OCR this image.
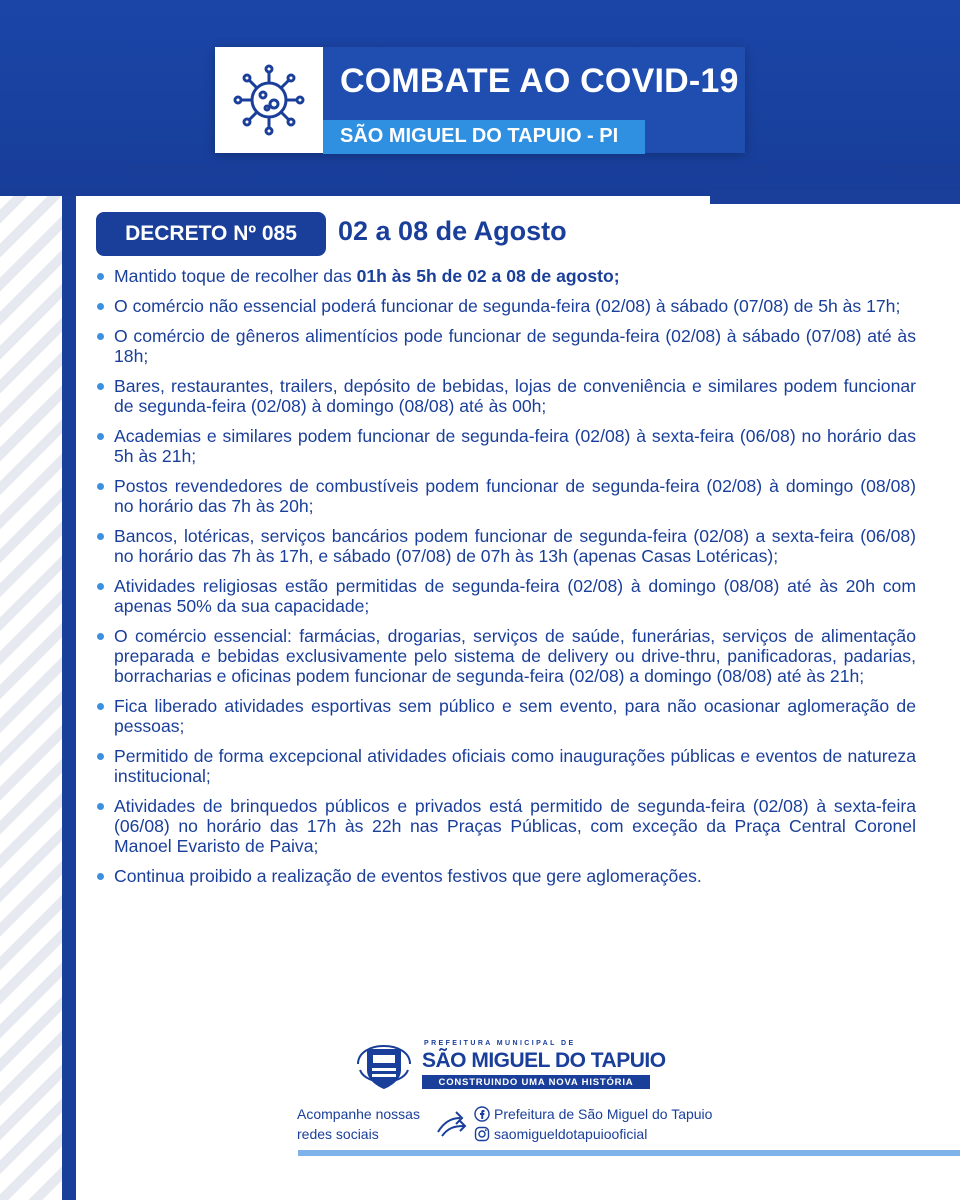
COMBATE AO COVID-19
SÃO MIGUEL DO TAPUIO - PI
DECRETO Nº 085	02 a 08 de Agosto
Mantido toque de recolher das 01h às 5h de 02 a 08 de agosto;
O comércio não essencial poderá funcionar de segunda-feira (02/08) à sábado (07/08) de 5h às 17h;
O comércio de gêneros alimentícios pode funcionar de segunda-feira (02/08) à sábado (07/08) até às 18h;
Bares, restaurantes, trailers, depósito de bebidas, lojas de conveniência e similares podem funcionar de segunda-feira (02/08) à domingo (08/08) até às 00h;
Academias e similares podem funcionar de segunda-feira (02/08) à sexta-feira (06/08) no horário das 5h às 21h;
Postos revendedores de combustíveis podem funcionar de segunda-feira (02/08) à domingo (08/08) no horário das 7h às 20h;
Bancos, lotéricas, serviços bancários podem funcionar de segunda-feira (02/08) a sexta-feira (06/08) no horário das 7h às 17h, e sábado (07/08) de 07h às 13h (apenas Casas Lotéricas);
Atividades religiosas estão permitidas de segunda-feira (02/08) à domingo (08/08) até às 20h com apenas 50% da sua capacidade;
O comércio essencial: farmácias, drogarias, serviços de saúde, funerárias, serviços de alimentação preparada e bebidas exclusivamente pelo sistema de delivery ou drive-thru, panificadoras, padarias, borracharias e oficinas podem funcionar de segunda-feira (02/08) a domingo (08/08) até às 21h;
Fica liberado atividades esportivas sem público e sem evento, para não ocasionar aglomeração de pessoas;
Permitido de forma excepcional atividades oficiais como inaugurações públicas e eventos de natureza institucional;
Atividades de brinquedos públicos e privados está permitido de segunda-feira (02/08) à sexta-feira (06/08) no horário das 17h às 22h nas Praças Públicas, com exceção da Praça Central Coronel Manoel Evaristo de Paiva;
Continua proibido a realização de eventos festivos que gere aglomerações.
PREFEITURA MUNICIPAL DE
SÃO MIGUEL DO TAPUIO
CONSTRUINDO UMA NOVA HISTÓRIA
Acompanhe nossas redes sociais
Prefeitura de São Miguel do Tapuio
saomigueldotapuiooficial
